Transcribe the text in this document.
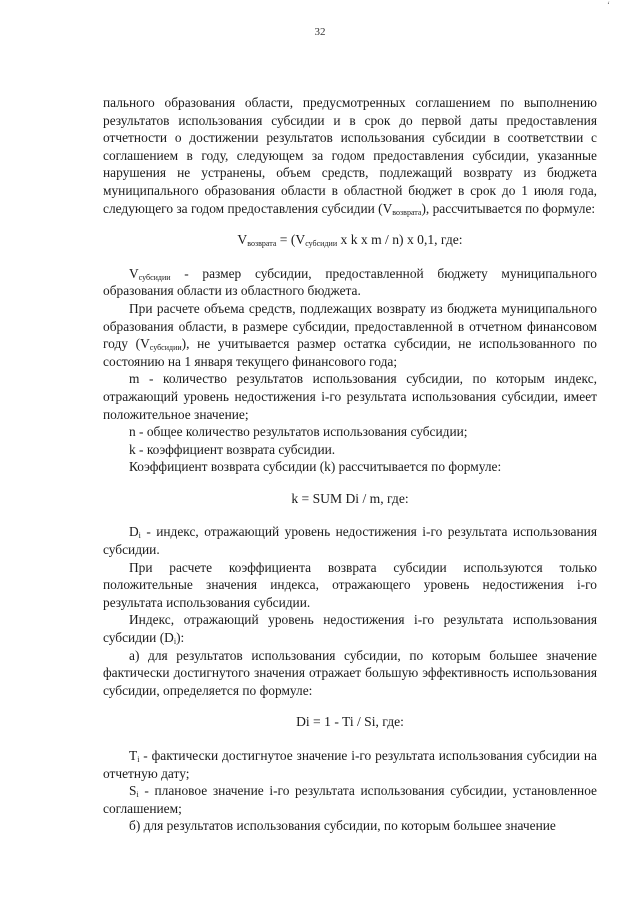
‘
32

пального образования области, предусмотренных соглашением по выполнению результатов использования субсидии и в срок до первой даты предоставления отчетности о достижении результатов использования субсидии в соответствии с соглашением в году, следующем за годом предоставления субсидии, указанные нарушения не устранены, объем средств, подлежащий возврату из бюджета муниципального образования области в областной бюджет в срок до 1 июля года, следующего за годом предоставления субсидии $(V_{возврата})$, рассчитывается по формуле:

$V_{возврата} = (V_{субсидии}$ x k x m / n) x 0,1, где:

$V_{субсидии}$ - размер субсидии, предоставленной бюджету муниципального образования области из областного бюджета.

При расчете объема средств, подлежащих возврату из бюджета муниципального образования области, в размере субсидии, предоставленной в отчетном финансовом году $(V_{субсидии})$, не учитывается размер остатка субсидии, не использованного по состоянию на 1 января текущего финансового года;

m - количество результатов использования субсидии, по которым индекс, отражающий уровень недостижения i-го результата использования субсидии, имеет положительное значение;

n - общее количество результатов использования субсидии;

k - коэффициент возврата субсидии.

Коэффициент возврата субсидии (k) рассчитывается по формуле:

k = SUM Di / m, где:

$D_i$ - индекс, отражающий уровень недостижения i-го результата использования субсидии.

При расчете коэффициента возврата субсидии используются только положительные значения индекса, отражающего уровень недостижения i-го результата использования субсидии.

Индекс, отражающий уровень недостижения i-го результата использования субсидии $(D_i)$:

а) для результатов использования субсидии, по которым большее значение фактически достигнутого значения отражает большую эффективность использования субсидии, определяется по формуле:

Di = 1 - Ti / Si, где:

$T_i$ - фактически достигнутое значение i-го результата использования субсидии на отчетную дату;

$S_i$ - плановое значение i-го результата использования субсидии, установленное соглашением;

б) для результатов использования субсидии, по которым большее значение
